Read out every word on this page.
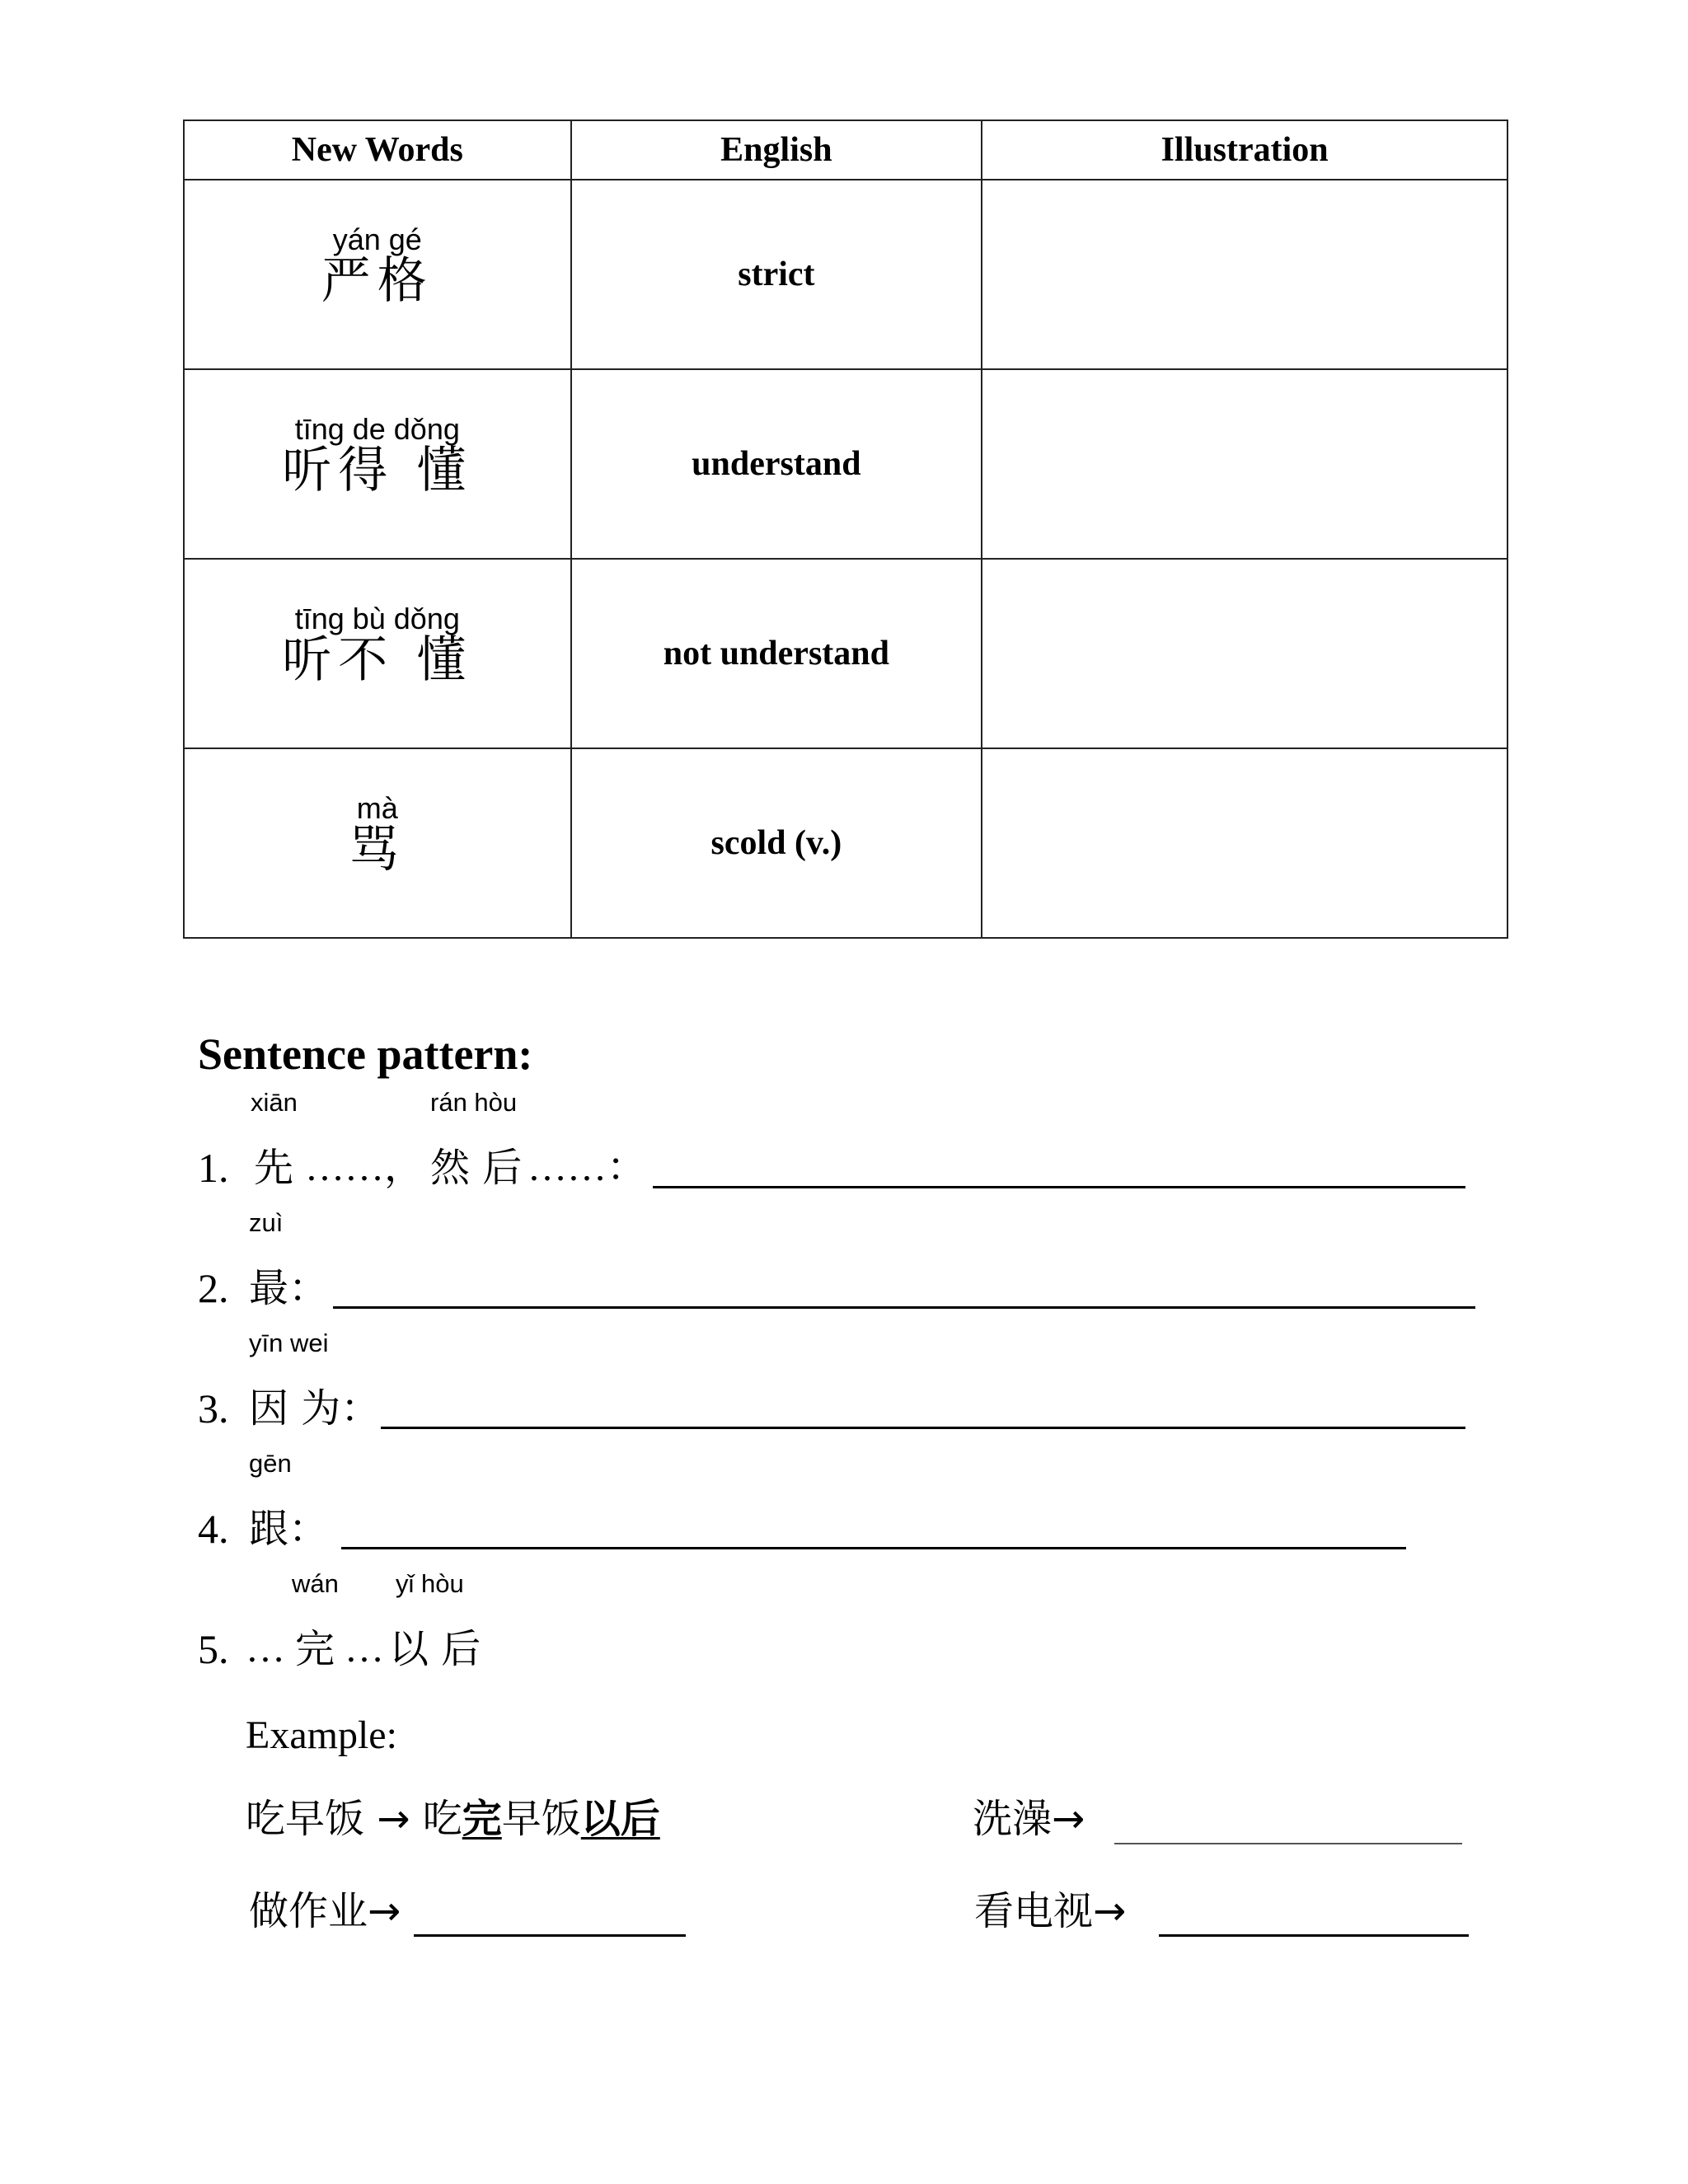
New Words	English	Illustration

yán gé
严格	strict	

tīng de dǒng
听得 懂	understand	

tīng bù dǒng
听不 懂	not understand	

mà
骂	scold (v.)	
Sentence pattern:
1.
xiān	rán hòu
先 ……， 然 后 ……：
2.
zuì
最：
3.
yīn wei
因 为：
4.
gēn
跟：
5.
wán yǐ hòu
… 完 … 以 后
Example:
吃早饭 → 吃完早饭以后	洗澡→
做作业→	看电视→
